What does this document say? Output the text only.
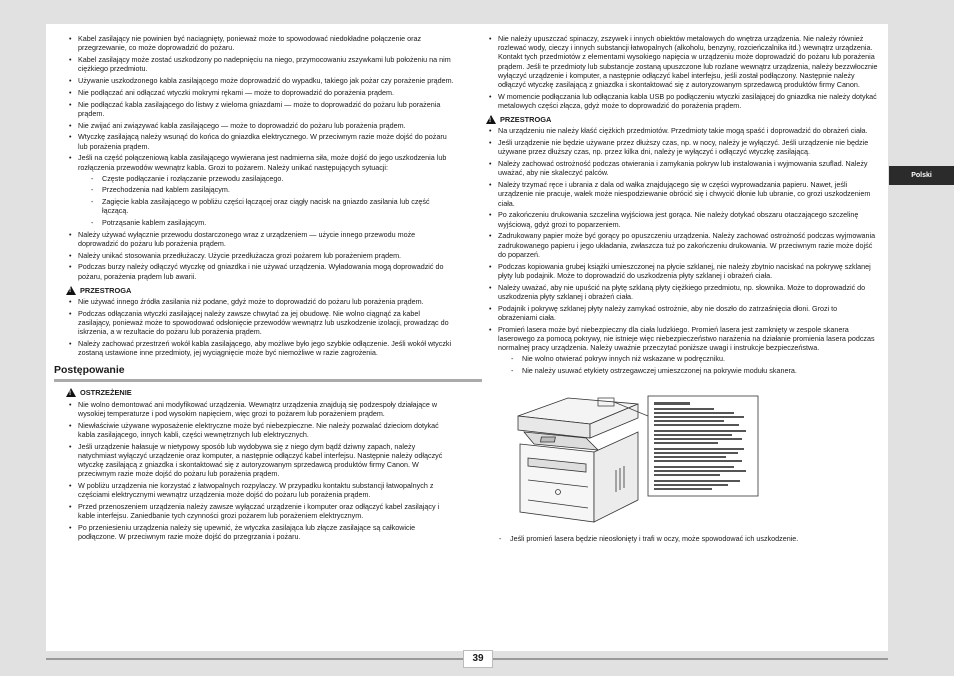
• Kabel zasilający nie powinien być naciągnięty, ponieważ może to spowodować niedokładne połączenie oraz przegrzewanie, co może doprowadzić do pożaru.
• Kabel zasilający może zostać uszkodzony po nadepnięciu na niego, przymocowaniu zszywkami lub położeniu na nim ciężkiego przedmiotu.
• Używanie uszkodzonego kabla zasilającego może doprowadzić do wypadku, takiego jak pożar czy porażenie prądem.
• Nie podłączać ani odłączać wtyczki mokrymi rękami — może to doprowadzić do porażenia prądem.
• Nie podłączać kabla zasilającego do listwy z wieloma gniazdami — może to doprowadzić do pożaru lub porażenia prądem.
• Nie zwijać ani związywać kabla zasilającego — może to doprowadzić do pożaru lub porażenia prądem.
• Wtyczkę zasilającą należy wsunąć do końca do gniazdka elektrycznego. W przeciwnym razie może dojść do pożaru lub porażenia prądem.
• Jeśli na część połączeniową kabla zasilającego wywierana jest nadmierna siła, może dojść do jego uszkodzenia lub rozłączenia przewodów wewnątrz kabla. Grozi to pożarem. Należy unikać następujących sytuacji:
- Częste podłączanie i rozłączanie przewodu zasilającego.
- Przechodzenia nad kablem zasilającym.
- Zagięcie kabla zasilającego w pobliżu części łączącej oraz ciągły nacisk na gniazdo zasilania lub część łączącą.
- Potrząsanie kablem zasilającym.
• Należy używać wyłącznie przewodu dostarczonego wraz z urządzeniem — użycie innego przewodu może doprowadzić do pożaru lub porażenia prądem.
• Należy unikać stosowania przedłużaczy. Użycie przedłużacza grozi pożarem lub porażeniem prądem.
• Podczas burzy należy odłączyć wtyczkę od gniazdka i nie używać urządzenia. Wyładowania mogą doprowadzić do pożaru, porażenia prądem lub awarii.
! PRZESTROGA
• Nie używać innego źródła zasilania niż podane, gdyż może to doprowadzić do pożaru lub porażenia prądem.
• Podczas odłączania wtyczki zasilającej należy zawsze chwytać za jej obudowę. Nie wolno ciągnąć za kabel zasilający, ponieważ może to spowodować odsłonięcie przewodów wewnątrz lub uszkodzenie izolacji, prowadząc do iskrzenia, a w rezultacie do pożaru lub porażenia prądem.
• Należy zachować przestrzeń wokół kabla zasilającego, aby możliwe było jego szybkie odłączenie. Jeśli wokół wtyczki zostaną ustawione inne przedmioty, jej wyciągnięcie może być niemożliwe w razie zagrożenia.
Postępowanie
! OSTRZEŻENIE
• Nie wolno demontować ani modyfikować urządzenia. Wewnątrz urządzenia znajdują się podzespoły działające w wysokiej temperaturze i pod wysokim napięciem, więc grozi to pożarem lub porażeniem prądem.
• Niewłaściwie używane wyposażenie elektryczne może być niebezpieczne. Nie należy pozwalać dzieciom dotykać kabla zasilającego, innych kabli, części wewnętrznych lub elektrycznych.
• Jeśli urządzenie hałasuje w nietypowy sposób lub wydobywa się z niego dym bądź dziwny zapach, należy natychmiast wyłączyć urządzenie oraz komputer, a następnie odłączyć kabel interfejsu. Następnie należy odłączyć wtyczkę zasilającą z gniazdka i skontaktować się z autoryzowanym sprzedawcą produktów firmy Canon. W przeciwnym razie może dojść do pożaru lub porażenia prądem.
• W pobliżu urządzenia nie korzystać z łatwopalnych rozpylaczy. W przypadku kontaktu substancji łatwopalnych z częściami elektrycznymi wewnątrz urządzenia może dojść do pożaru lub porażenia prądem.
• Przed przenoszeniem urządzenia należy zawsze wyłączać urządzenie i komputer oraz odłączyć kabel zasilający i kable interfejsu. Zaniedbanie tych czynności grozi pożarem lub porażeniem elektrycznym.
• Po przeniesieniu urządzenia należy się upewnić, że wtyczka zasilająca lub złącze zasilające są całkowicie podłączone. W przeciwnym razie może dojść do przegrzania i pożaru.
• Nie należy upuszczać spinaczy, zszywek i innych obiektów metalowych do wnętrza urządzenia. Nie należy również rozlewać wody, cieczy i innych substancji łatwopalnych (alkoholu, benzyny, rozcieńczalnika itd.) wewnątrz urządzenia. Kontakt tych przedmiotów z elementami wysokiego napięcia w urządzeniu może doprowadzić do pożaru lub porażenia prądem. Jeśli te przedmioty lub substancje zostaną upuszczone lub rozlane wewnątrz urządzenia, należy bezzwłocznie wyłączyć urządzenie i komputer, a następnie odłączyć kabel interfejsu, jeśli został podłączony. Następnie należy odłączyć wtyczkę zasilającą z gniazdka i skontaktować się z autoryzowanym sprzedawcą produktów firmy Canon.
• W momencie podłączania lub odłączania kabla USB po podłączeniu wtyczki zasilającej do gniazdka nie należy dotykać metalowych części złącza, gdyż może to doprowadzić do porażenia prądem.
! PRZESTROGA
• Na urządzeniu nie należy kłaść ciężkich przedmiotów. Przedmioty takie mogą spaść i doprowadzić do obrażeń ciała.
• Jeśli urządzenie nie będzie używane przez dłuższy czas, np. w nocy, należy je wyłączyć. Jeśli urządzenie nie będzie używane przez dłuższy czas, np. przez kilka dni, należy je wyłączyć i odłączyć wtyczkę zasilającą.
• Należy zachować ostrożność podczas otwierania i zamykania pokryw lub instalowania i wyjmowania szuflad. Należy uważać, aby nie skaleczyć palców.
• Należy trzymać ręce i ubrania z dala od wałka znajdującego się w części wyprowadzania papieru. Nawet, jeśli urządzenie nie pracuje, wałek może niespodziewanie obrócić się i chwycić dłonie lub ubranie, co grozi uszkodzeniem ciała.
• Po zakończeniu drukowania szczelina wyjściowa jest gorąca. Nie należy dotykać obszaru otaczającego szczelinę wyjściową, gdyż grozi to poparzeniem.
• Zadrukowany papier może być gorący po opuszczeniu urządzenia. Należy zachować ostrożność podczas wyjmowania zadrukowanego papieru i jego układania, zwłaszcza tuż po zakończeniu drukowania. W przeciwnym razie może dojść do poparzeń.
• Podczas kopiowania grubej książki umieszczonej na płycie szklanej, nie należy zbytnio naciskać na pokrywę szklanej płyty lub podajnik. Może to doprowadzić do uszkodzenia płyty szklanej i obrażeń ciała.
• Należy uważać, aby nie upuścić na płytę szklaną płyty ciężkiego przedmiotu, np. słownika. Może to doprowadzić do uszkodzenia płyty szklanej i obrażeń ciała.
• Podajnik i pokrywę szklanej płyty należy zamykać ostrożnie, aby nie doszło do zatrzaśnięcia dłoni. Grozi to obrażeniami ciała.
• Promień lasera może być niebezpieczny dla ciała ludzkiego. Promień lasera jest zamknięty w zespole skanera laserowego za pomocą pokrywy, nie istnieje więc niebezpieczeństwo narażenia na działanie promienia lasera podczas normalnej pracy urządzenia. Należy uważnie przeczytać poniższe uwagi i instrukcje bezpieczeństwa.
- Nie wolno otwierać pokryw innych niż wskazane w podręczniku.
- Nie należy usuwać etykiety ostrzegawczej umieszczonej na pokrywie modułu skanera.
- Jeśli promień lasera będzie nieosłonięty i trafi w oczy, może spowodować ich uszkodzenie.
Polski
39
